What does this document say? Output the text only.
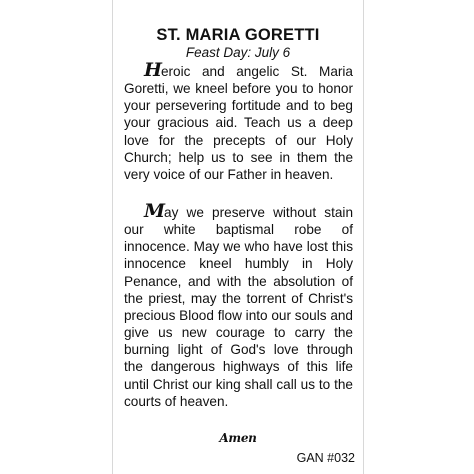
ST. MARIA GORETTI
Feast Day: July 6
Heroic and angelic St. Maria Goretti, we kneel before you to honor your persevering fortitude and to beg your gracious aid. Teach us a deep love for the precepts of our Holy Church; help us to see in them the very voice of our Father in heaven.
May we preserve without stain our white baptismal robe of innocence. May we who have lost this innocence kneel humbly in Holy Penance, and with the absolution of the priest, may the torrent of Christ's precious Blood flow into our souls and give us new courage to carry the burning light of God's love through the dangerous highways of this life until Christ our king shall call us to the courts of heaven.
Amen
GAN #032
